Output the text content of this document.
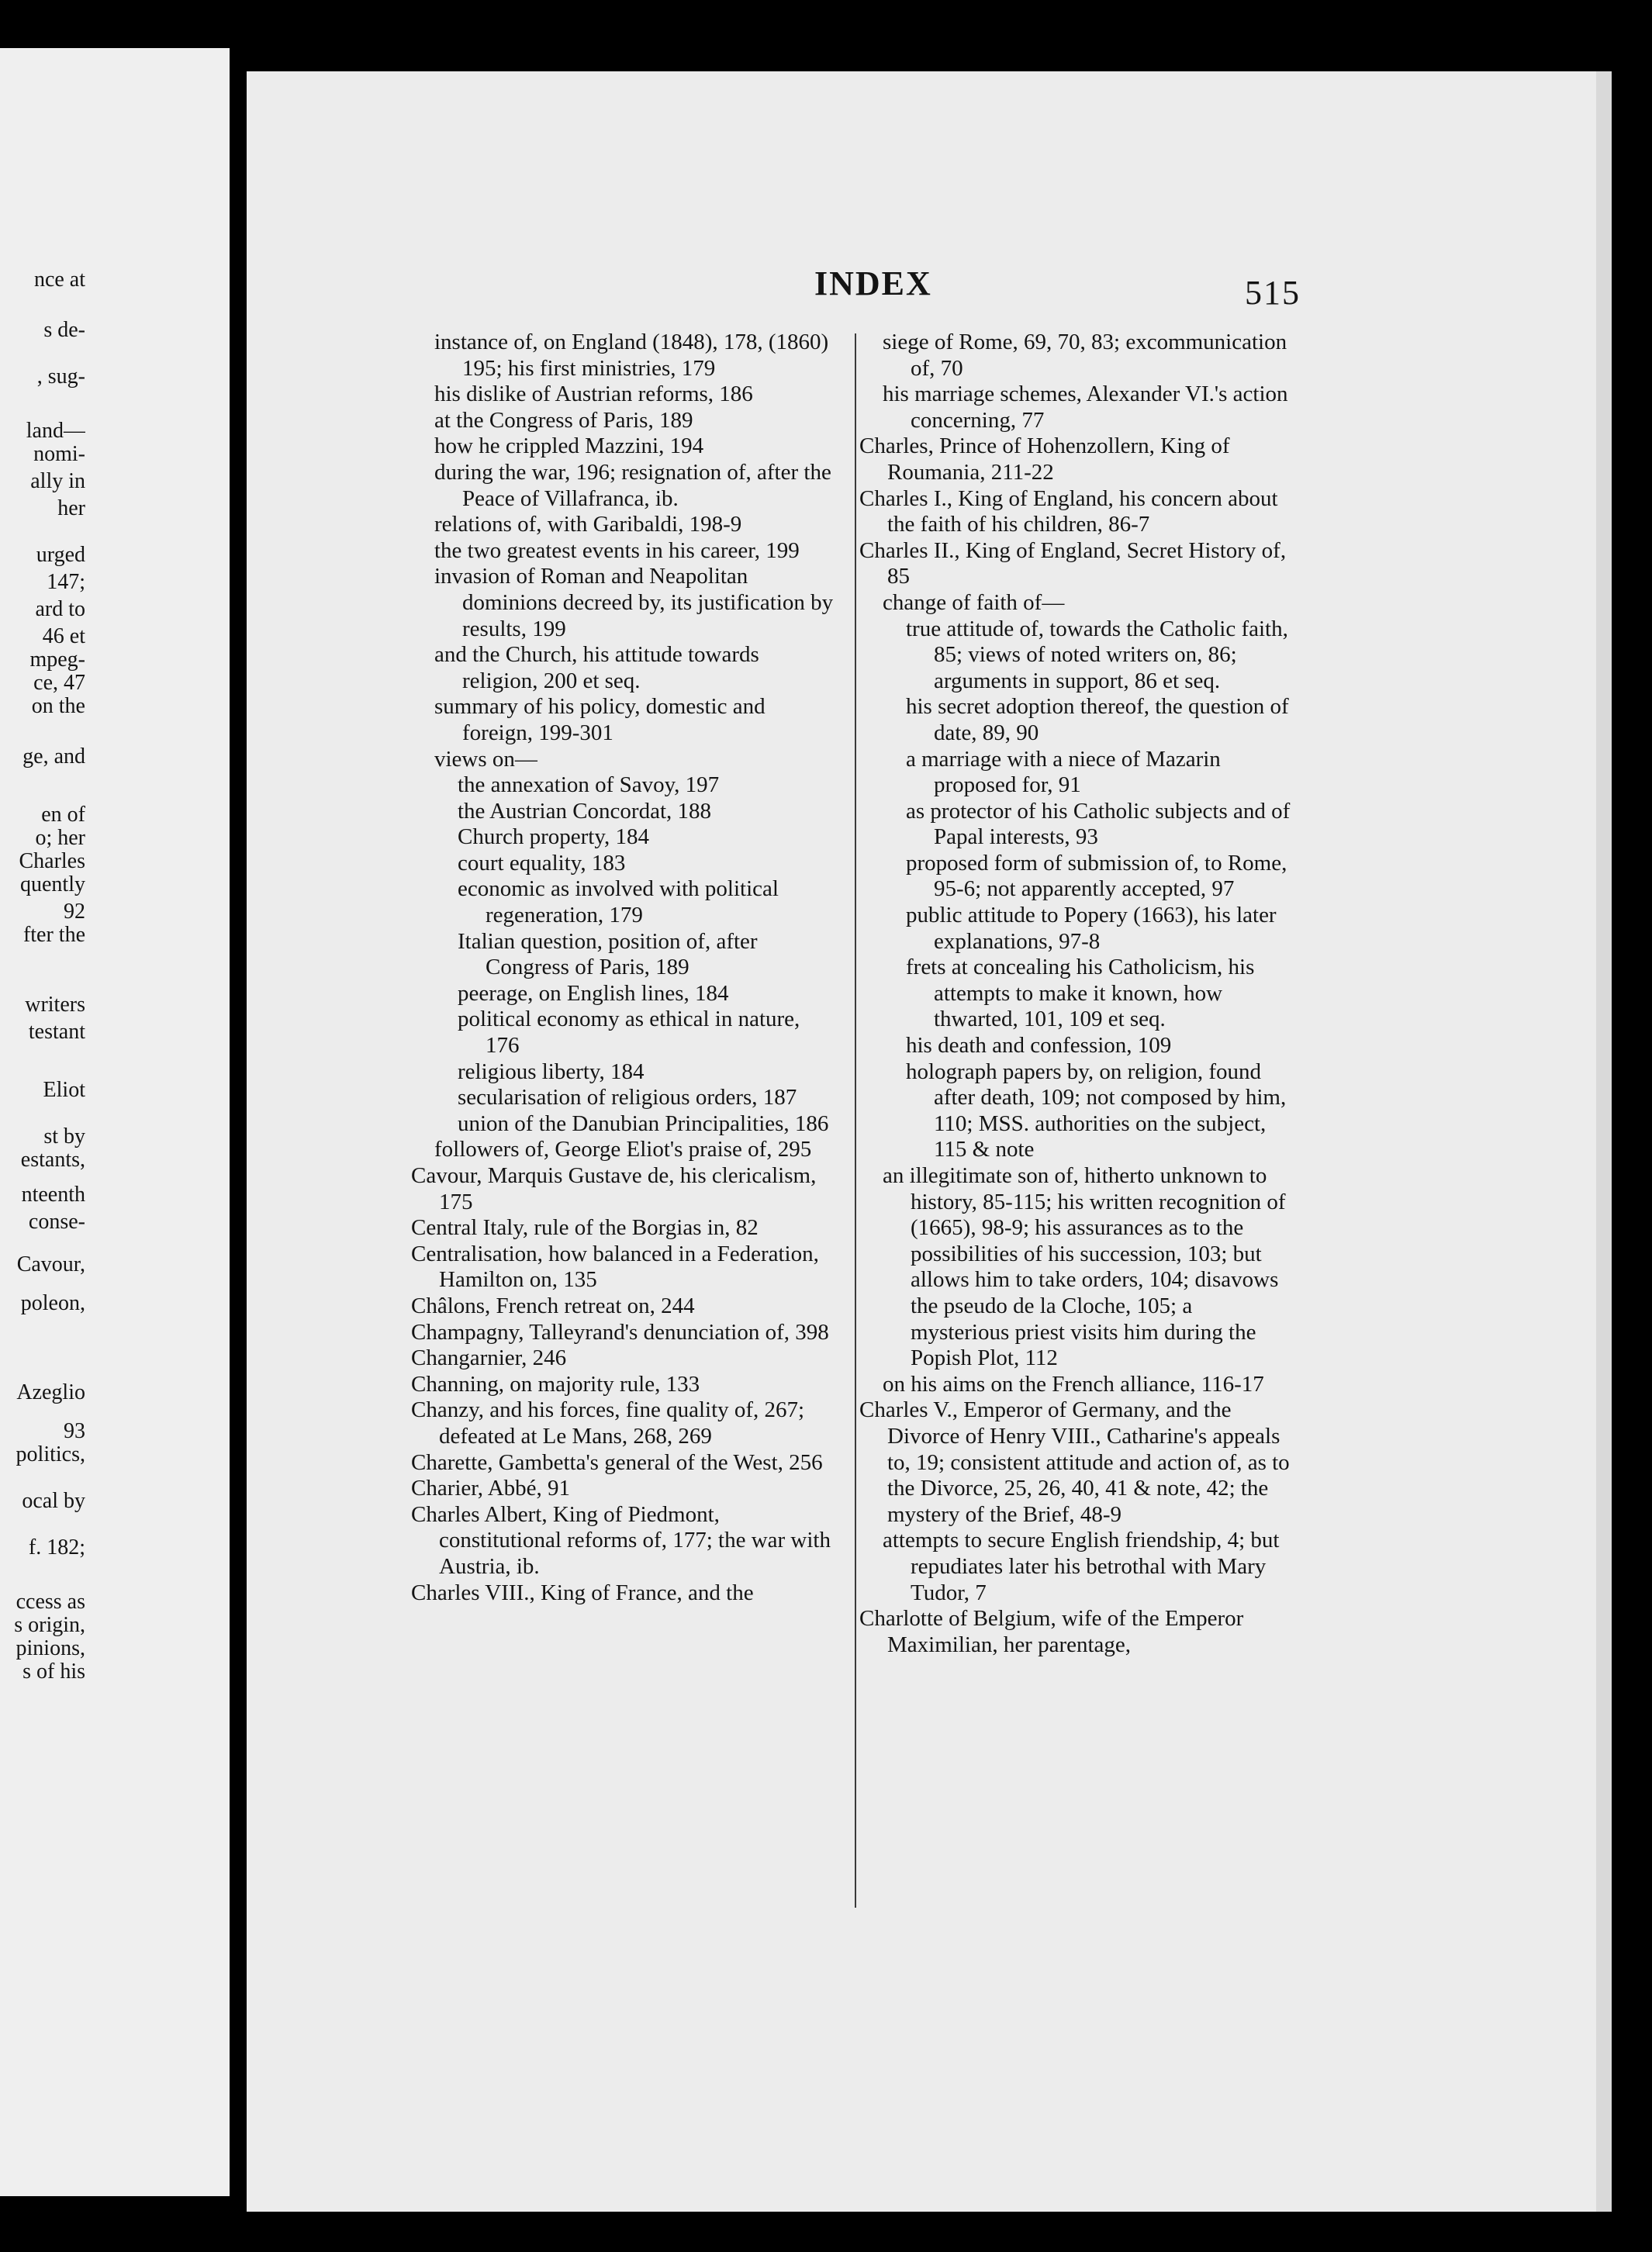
nce at
s de-
, sug-
land—
nomi-
ally in
her
urged
147;
ard to
46 et
mpeg-
ce, 47
on the
ge, and
en of
o; her
Charles
quently
92
fter the
writers
testant
Eliot
st by
estants,
nteenth
conse-
Cavour,
poleon,
Azeglio
93
politics,
ocal by
f. 182;
ccess as
s origin,
pinions,
s of his
INDEX	515

instance of, on England (1848), 178, (1860) 195; his first ministries, 179

his dislike of Austrian reforms, 186

at the Congress of Paris, 189

how he crippled Mazzini, 194

during the war, 196; resignation of, after the Peace of Villafranca, ib.

relations of, with Garibaldi, 198-9

the two greatest events in his career, 199

invasion of Roman and Neapolitan dominions decreed by, its justification by results, 199

and the Church, his attitude towards religion, 200 et seq.

summary of his policy, domestic and foreign, 199-301

views on—

the annexation of Savoy, 197

the Austrian Concordat, 188

Church property, 184

court equality, 183

economic as involved with political regeneration, 179

Italian question, position of, after Congress of Paris, 189

peerage, on English lines, 184

political economy as ethical in nature, 176

religious liberty, 184

secularisation of religious orders, 187

union of the Danubian Principalities, 186

followers of, George Eliot's praise of, 295

Cavour, Marquis Gustave de, his clericalism, 175

Central Italy, rule of the Borgias in, 82

Centralisation, how balanced in a Federation, Hamilton on, 135

Châlons, French retreat on, 244

Champagny, Talleyrand's denunciation of, 398

Changarnier, 246

Channing, on majority rule, 133

Chanzy, and his forces, fine quality of, 267; defeated at Le Mans, 268, 269

Charette, Gambetta's general of the West, 256

Charier, Abbé, 91

Charles Albert, King of Piedmont, constitutional reforms of, 177; the war with Austria, ib.

Charles VIII., King of France, and the

siege of Rome, 69, 70, 83; excommunication of, 70

his marriage schemes, Alexander VI.'s action concerning, 77

Charles, Prince of Hohenzollern, King of Roumania, 211-22

Charles I., King of England, his concern about the faith of his children, 86-7

Charles II., King of England, Secret History of, 85

change of faith of—

true attitude of, towards the Catholic faith, 85; views of noted writers on, 86; arguments in support, 86 et seq.

his secret adoption thereof, the question of date, 89, 90

a marriage with a niece of Mazarin proposed for, 91

as protector of his Catholic subjects and of Papal interests, 93

proposed form of submission of, to Rome, 95-6; not apparently accepted, 97

public attitude to Popery (1663), his later explanations, 97-8

frets at concealing his Catholicism, his attempts to make it known, how thwarted, 101, 109 et seq.

his death and confession, 109

holograph papers by, on religion, found after death, 109; not composed by him, 110; MSS. authorities on the subject, 115 & note

an illegitimate son of, hitherto unknown to history, 85-115; his written recognition of (1665), 98-9; his assurances as to the possibilities of his succession, 103; but allows him to take orders, 104; disavows the pseudo de la Cloche, 105; a mysterious priest visits him during the Popish Plot, 112

on his aims on the French alliance, 116-17

Charles V., Emperor of Germany, and the Divorce of Henry VIII., Catharine's appeals to, 19; consistent attitude and action of, as to the Divorce, 25, 26, 40, 41 & note, 42; the mystery of the Brief, 48-9

attempts to secure English friendship, 4; but repudiates later his betrothal with Mary Tudor, 7

Charlotte of Belgium, wife of the Emperor Maximilian, her parentage,
